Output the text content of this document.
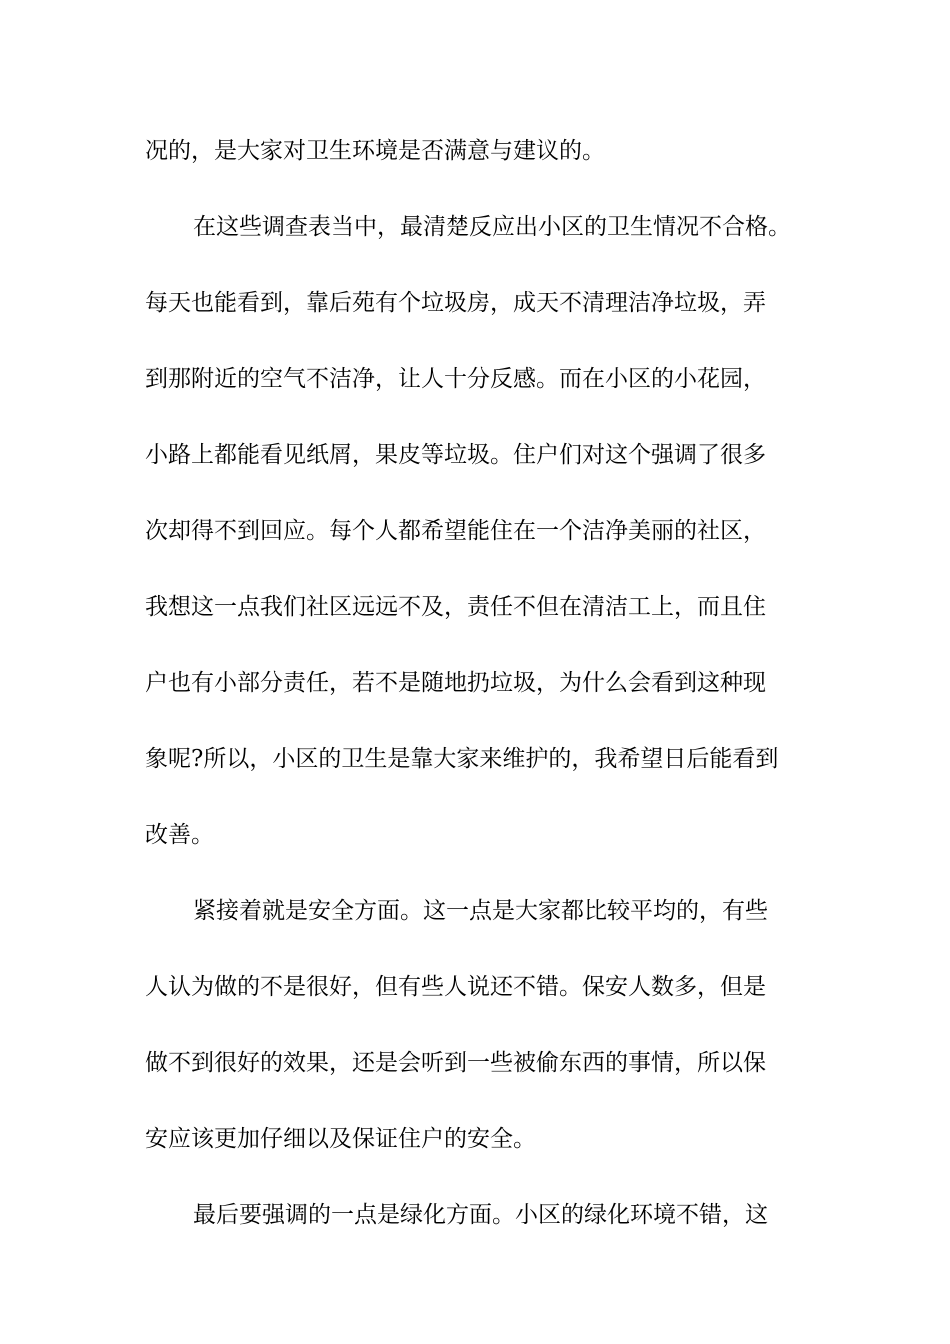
况的，是大家对卫生环境是否满意与建议的。
在这些调查表当中，最清楚反应出小区的卫生情况不合格。
每天也能看到，靠后苑有个垃圾房，成天不清理洁净垃圾，弄
到那附近的空气不洁净，让人十分反感。而在小区的小花园，
小路上都能看见纸屑，果皮等垃圾。住户们对这个强调了很多
次却得不到回应。每个人都希望能住在一个洁净美丽的社区，
我想这一点我们社区远远不及，责任不但在清洁工上，而且住
户也有小部分责任，若不是随地扔垃圾，为什么会看到这种现
象呢?所以，小区的卫生是靠大家来维护的，我希望日后能看到
改善。
紧接着就是安全方面。这一点是大家都比较平均的，有些
人认为做的不是很好，但有些人说还不错。保安人数多，但是
做不到很好的效果，还是会听到一些被偷东西的事情，所以保
安应该更加仔细以及保证住户的安全。
最后要强调的一点是绿化方面。小区的绿化环境不错，这
